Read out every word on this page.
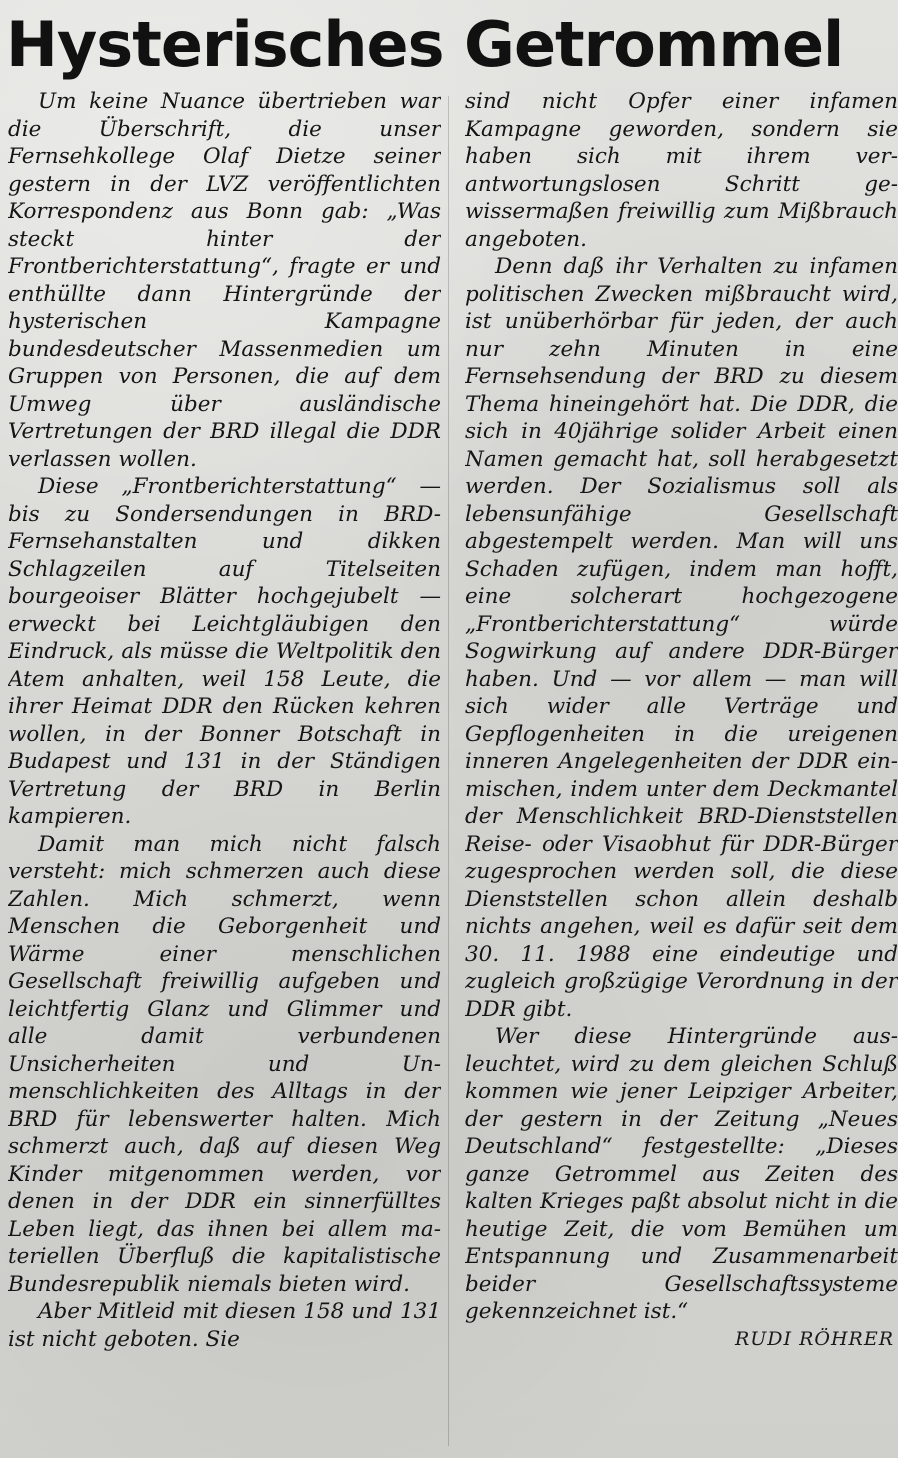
Hysterisches Getrommel

Um keine Nuance übertrieben war die Überschrift, die unser Fernsehkollege Olaf Dietze seiner gestern in der LVZ veröffentlichten Korrespondenz aus Bonn gab: „Was steckt hinter der Frontberichterstattung“, fragte er und enthüllte dann Hintergründe der hysterischen Kampagne bundesdeutscher Massenmedien um Gruppen von Personen, die auf dem Umweg über ausländische Vertretungen der BRD illegal die DDR verlassen wollen.

Diese „Frontberichterstattung“ — bis zu Sondersendungen in BRD-Fernsehanstalten und dikken Schlagzeilen auf Titelseiten bourgeoiser Blätter hochgejubelt — erweckt bei Leichtgläubigen den Eindruck, als müsse die Weltpolitik den Atem anhalten, weil 158 Leute, die ihrer Heimat DDR den Rücken kehren wollen, in der Bonner Botschaft in Budapest und 131 in der Ständigen Vertretung der BRD in Berlin kampieren.

Damit man mich nicht falsch versteht: mich schmerzen auch diese Zahlen. Mich schmerzt, wenn Menschen die Geborgenheit und Wärme einer menschlichen Gesellschaft freiwillig aufgeben und leichtfertig Glanz und Glimmer und alle damit verbundenen Unsicherheiten und Unmenschlichkeiten des Alltags in der BRD für lebenswerter halten. Mich schmerzt auch, daß auf diesen Weg Kinder mitgenommen werden, vor denen in der DDR ein sinnerfülltes Leben liegt, das ihnen bei allem materiellen Überfluß die kapitalistische Bundesrepublik niemals bieten wird.

Aber Mitleid mit diesen 158 und 131 ist nicht geboten. Sie

sind nicht Opfer einer infamen Kampagne geworden, sondern sie haben sich mit ihrem verantwortungslosen Schritt gewissermaßen freiwillig zum Mißbrauch angeboten.

Denn daß ihr Verhalten zu infamen politischen Zwecken mißbraucht wird, ist unüberhörbar für jeden, der auch nur zehn Minuten in eine Fernsehsendung der BRD zu diesem Thema hineingehört hat. Die DDR, die sich in 40jährige solider Arbeit einen Namen gemacht hat, soll herabgesetzt werden. Der Sozialismus soll als lebensunfähige Gesellschaft abgestempelt werden. Man will uns Schaden zufügen, indem man hofft, eine solcherart hochgezogene „Frontberichterstattung“ würde Sogwirkung auf andere DDR-Bürger haben. Und — vor allem — man will sich wider alle Verträge und Gepflogenheiten in die ureigenen inneren Angelegenheiten der DDR einmischen, indem unter dem Deckmantel der Menschlichkeit BRD-Dienststellen Reise- oder Visaobhut für DDR-Bürger zugesprochen werden soll, die diese Dienststellen schon allein deshalb nichts angehen, weil es dafür seit dem 30. 11. 1988 eine eindeutige und zugleich großzügige Verordnung in der DDR gibt.

Wer diese Hintergründe ausleuchtet, wird zu dem gleichen Schluß kommen wie jener Leipziger Arbeiter, der gestern in der Zeitung „Neues Deutschland“ festgestellte: „Dieses ganze Getrommel aus Zeiten des kalten Krieges paßt absolut nicht in die heutige Zeit, die vom Bemühen um Entspannung und Zusammenarbeit beider Gesellschaftssysteme gekennzeichnet ist.“

RUDI RÖHRER
